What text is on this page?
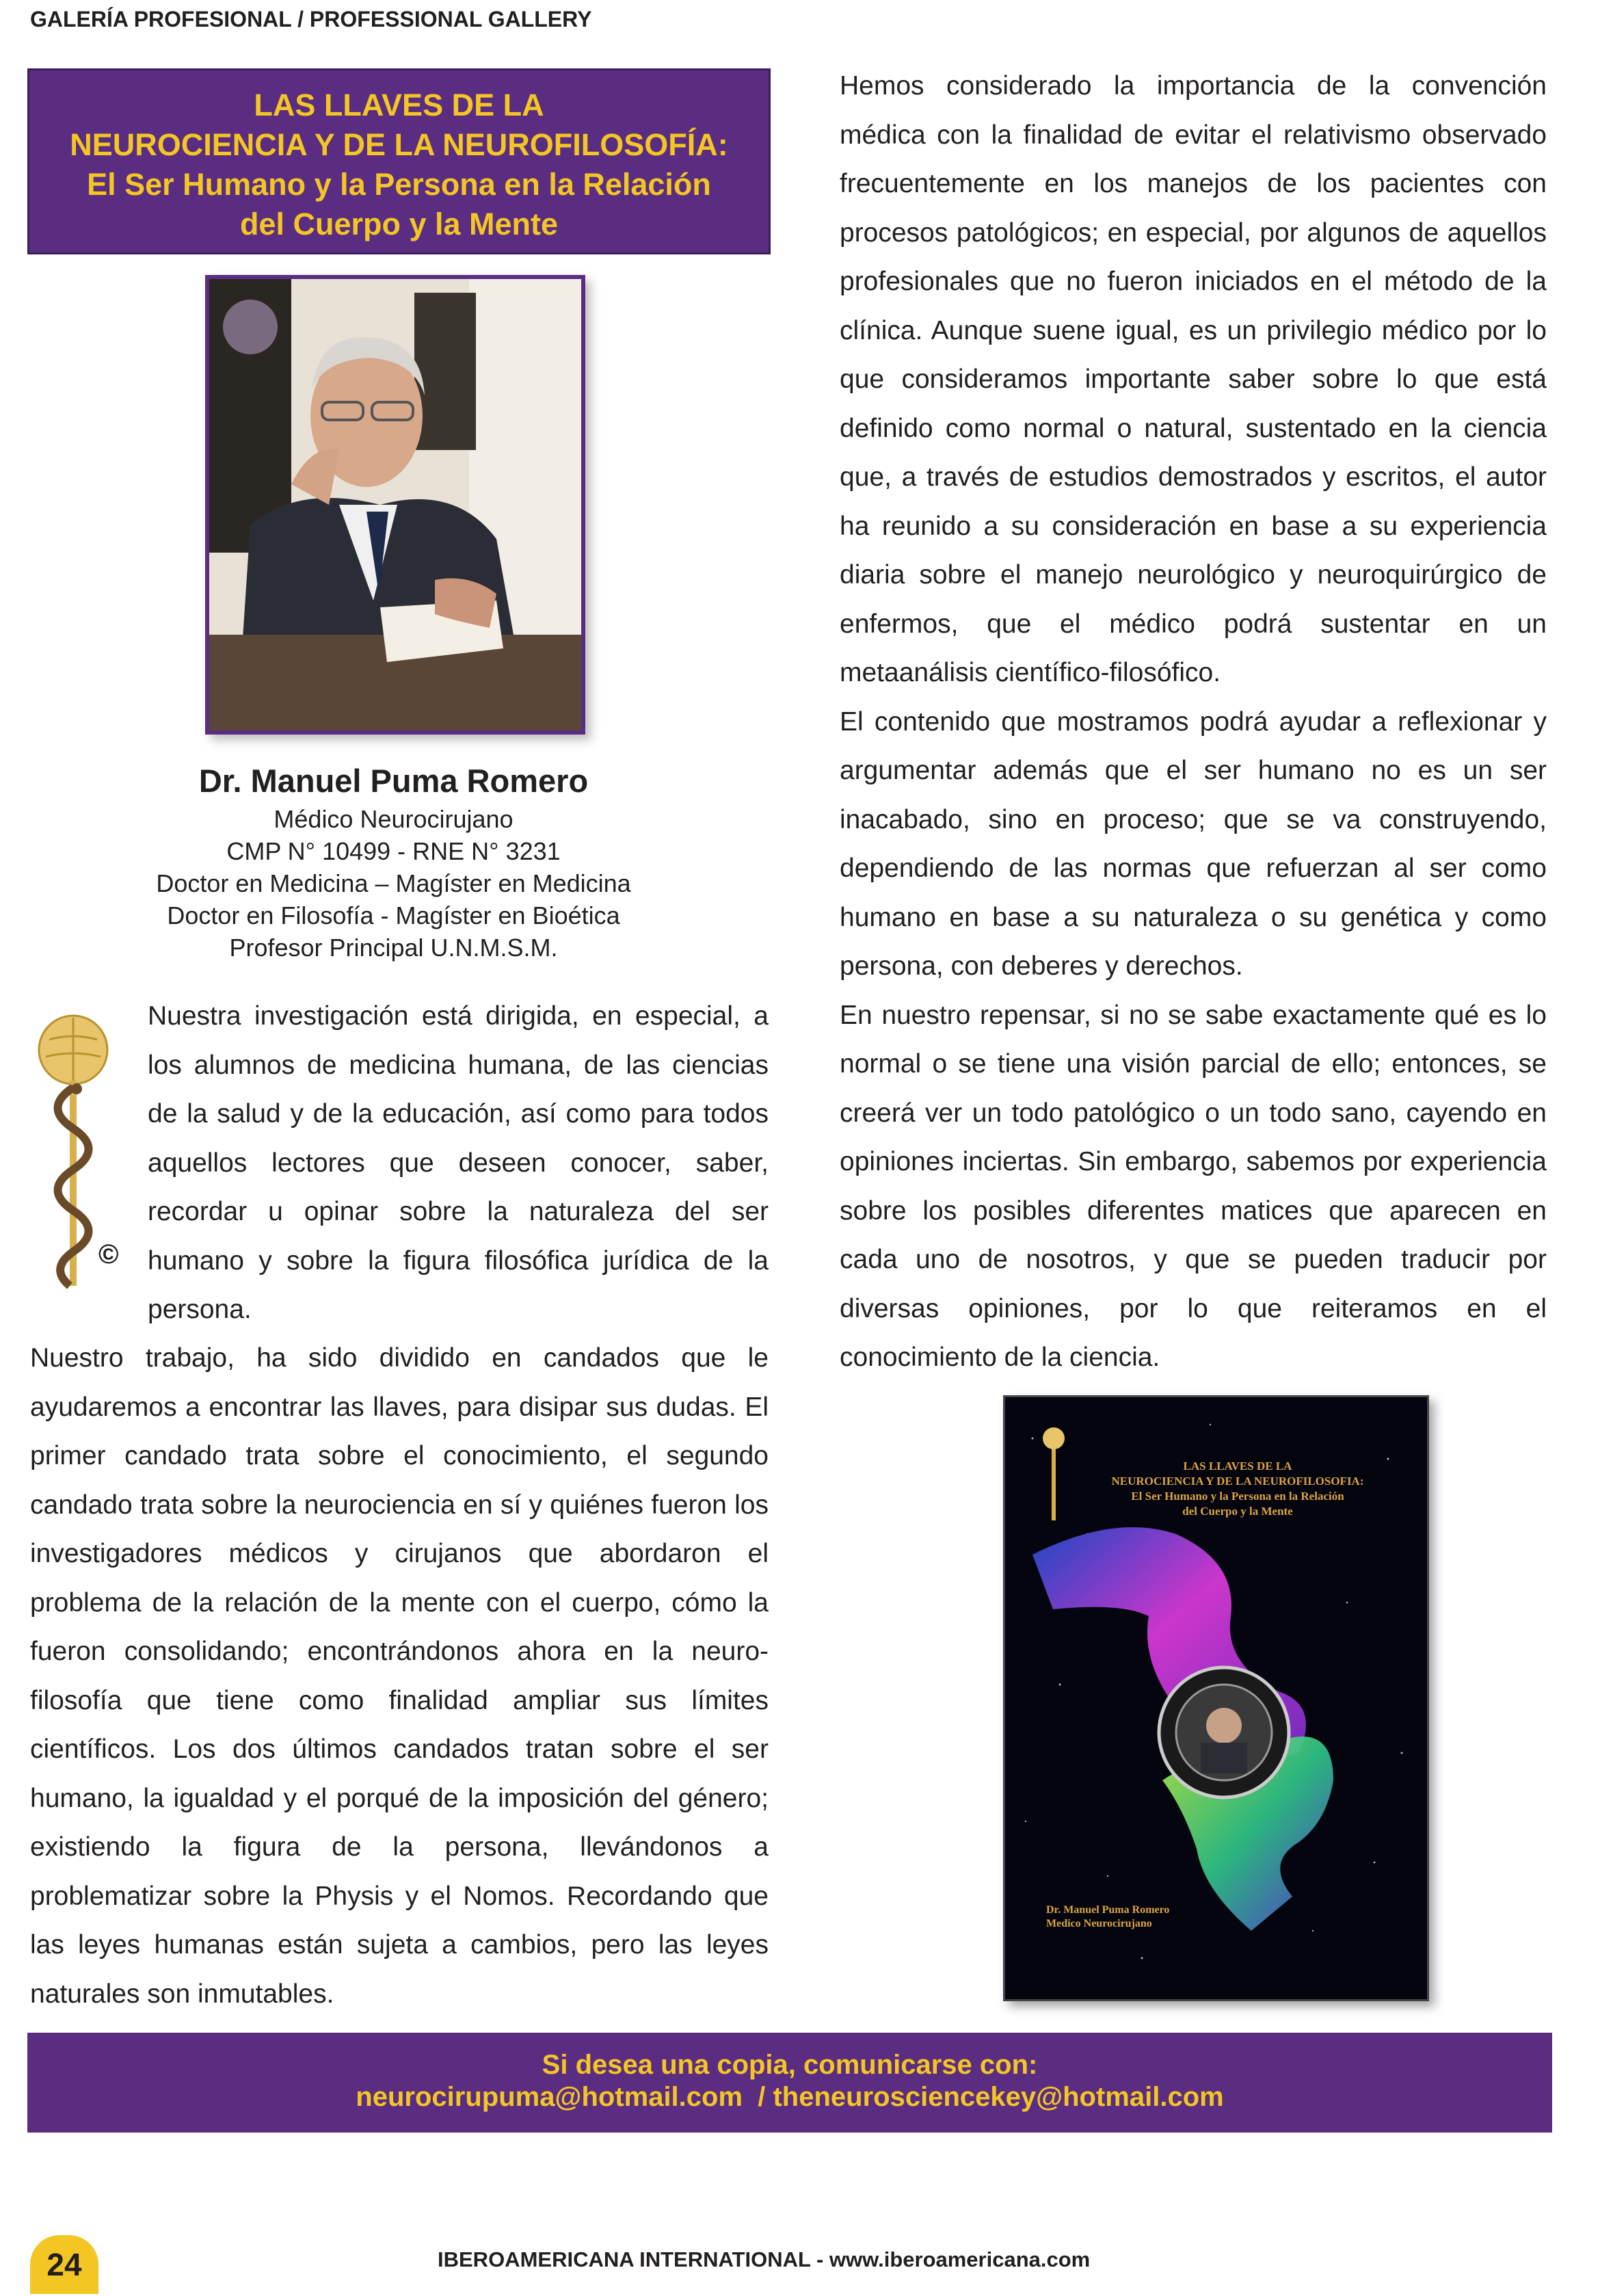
GALERÍA PROFESIONAL / PROFESSIONAL GALLERY
LAS LLAVES DE LA
NEUROCIENCIA Y DE LA NEUROFILOSOFÍA:
El Ser Humano y la Persona en la Relación
del Cuerpo y la Mente
Dr. Manuel Puma Romero
Médico Neurocirujano
CMP N° 10499 - RNE N° 3231
Doctor en Medicina – Magíster en Medicina
Doctor en Filosofía - Magíster en Bioética
Profesor Principal U.N.M.S.M.
©
Nuestra investigación está dirigida, en especial, a los alumnos de medicina humana, de las ciencias de la salud y de la educación, así como para todos aquellos lectores que deseen conocer, saber, recordar u opinar sobre la naturaleza del ser humano y sobre la figura filosófica jurídica de la persona.
Nuestro trabajo, ha sido dividido en candados que le ayudaremos a encontrar las llaves, para disipar sus dudas. El primer candado trata sobre el conocimiento, el segundo candado trata sobre la neurociencia en sí y quiénes fueron los investigadores médicos y cirujanos que abordaron el problema de la relación de la mente con el cuerpo, cómo la fueron consolidando; encontrándonos ahora en la neuro-filosofía que tiene como finalidad ampliar sus límites científicos. Los dos últimos candados tratan sobre el ser humano, la igualdad y el porqué de la imposición del género; existiendo la figura de la persona, llevándonos a problematizar sobre la Physis y el Nomos. Recordando que las leyes humanas están sujeta a cambios, pero las leyes naturales son inmutables.

Hemos considerado la importancia de la convención médica con la finalidad de evitar el relativismo observado frecuentemente en los manejos de los pacientes con procesos patológicos; en especial, por algunos de aquellos profesionales que no fueron iniciados en el método de la clínica. Aunque suene igual, es un privilegio médico por lo que consideramos importante saber sobre lo que está definido como normal o natural, sustentado en la ciencia que, a través de estudios demostrados y escritos, el autor ha reunido a su consideración en base a su experiencia diaria sobre el manejo neurológico y neuroquirúrgico de enfermos, que el médico podrá sustentar en un metaanálisis científico-filosófico.

El contenido que mostramos podrá ayudar a reflexionar y argumentar además que el ser humano no es un ser inacabado, sino en proceso; que se va construyendo, dependiendo de las normas que refuerzan al ser como humano en base a su naturaleza o su genética y como persona, con deberes y derechos.

En nuestro repensar, si no se sabe exactamente qué es lo normal o se tiene una visión parcial de ello; entonces, se creerá ver un todo patológico o un todo sano, cayendo en opiniones inciertas. Sin embargo, sabemos por experiencia sobre los posibles diferentes matices que aparecen en cada uno de nosotros, y que se pueden traducir por diversas opiniones, por lo que reiteramos en el conocimiento de la ciencia.

LAS LLAVES DE LA
NEUROCIENCIA Y DE LA NEUROFILOSOFIA:
El Ser Humano y la Persona en la Relación
del Cuerpo y la Mente
Dr. Manuel Puma Romero
Medico Neurocirujano
Si desea una copia, comunicarse con:
neurocirupuma@hotmail.com  / theneurosciencekey@hotmail.com
24	IBEROAMERICANA INTERNATIONAL - www.iberoamericana.com
